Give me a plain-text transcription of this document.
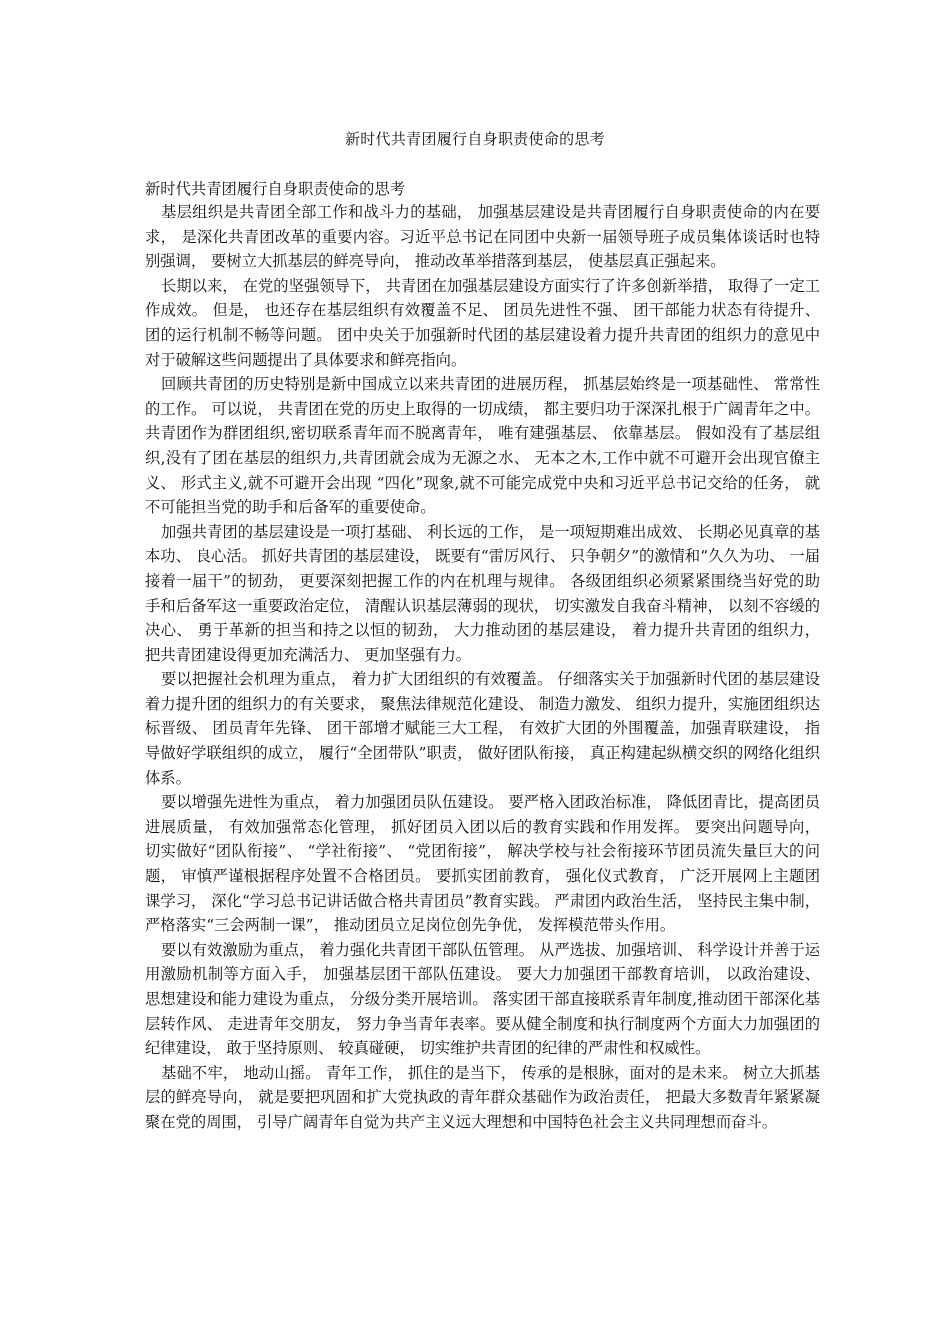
新时代共青团履行自身职责使命的思考

新时代共青团履行自身职责使命的思考

基层组织是共青团全部工作和战斗力的基础， 加强基层建设是共青团履行自身职责使命的内在要求， 是深化共青团改革的重要内容。习近平总书记在同团中央新一届领导班子成员集体谈话时也特别强调， 要树立大抓基层的鲜亮导向， 推动改革举措落到基层， 使基层真正强起来。

长期以来， 在党的坚强领导下， 共青团在加强基层建设方面实行了许多创新举措， 取得了一定工作成效。 但是， 也还存在基层组织有效覆盖不足、 团员先进性不强、 团干部能力状态有待提升、 团的运行机制不畅等问题。 团中央关于加强新时代团的基层建设着力提升共青团的组织力的意见中对于破解这些问题提出了具体要求和鲜亮指向。

回顾共青团的历史特别是新中国成立以来共青团的进展历程， 抓基层始终是一项基础性、 常常性的工作。 可以说， 共青团在党的历史上取得的一切成绩， 都主要归功于深深扎根于广阔青年之中。 共青团作为群团组织,密切联系青年而不脱离青年， 唯有建强基层、 依靠基层。 假如没有了基层组织,没有了团在基层的组织力,共青团就会成为无源之水、 无本之木,工作中就不可避开会出现官僚主义、 形式主义,就不可避开会出现 “四化”现象,就不可能完成党中央和习近平总书记交给的任务， 就不可能担当党的助手和后备军的重要使命。

加强共青团的基层建设是一项打基础、 利长远的工作， 是一项短期难出成效、 长期必见真章的基本功、 良心活。 抓好共青团的基层建设， 既要有“雷厉风行、 只争朝夕”的激情和“久久为功、 一届接着一届干”的韧劲， 更要深刻把握工作的内在机理与规律。 各级团组织必须紧紧围绕当好党的助手和后备军这一重要政治定位， 清醒认识基层薄弱的现状， 切实激发自我奋斗精神， 以刻不容缓的决心、 勇于革新的担当和持之以恒的韧劲， 大力推动团的基层建设， 着力提升共青团的组织力， 把共青团建设得更加充满活力、 更加坚强有力。

要以把握社会机理为重点， 着力扩大团组织的有效覆盖。 仔细落实关于加强新时代团的基层建设着力提升团的组织力的有关要求， 聚焦法律规范化建设、 制造力激发、 组织力提升，实施团组织达标晋级、 团员青年先锋、 团干部增才赋能三大工程， 有效扩大团的外围覆盖，加强青联建设， 指导做好学联组织的成立， 履行“全团带队”职责， 做好团队衔接， 真正构建起纵横交织的网络化组织体系。

要以增强先进性为重点， 着力加强团员队伍建设。 要严格入团政治标准， 降低团青比，提高团员进展质量， 有效加强常态化管理， 抓好团员入团以后的教育实践和作用发挥。 要突出问题导向， 切实做好“团队衔接”、 “学社衔接”、 “党团衔接”， 解决学校与社会衔接环节团员流失量巨大的问题， 审慎严谨根据程序处置不合格团员。 要抓实团前教育， 强化仪式教育， 广泛开展网上主题团课学习， 深化“学习总书记讲话做合格共青团员”教育实践。 严肃团内政治生活， 坚持民主集中制， 严格落实“三会两制一课”， 推动团员立足岗位创先争优， 发挥模范带头作用。

要以有效激励为重点， 着力强化共青团干部队伍管理。 从严选拔、加强培训、 科学设计并善于运用激励机制等方面入手， 加强基层团干部队伍建设。 要大力加强团干部教育培训， 以政治建设、 思想建设和能力建设为重点， 分级分类开展培训。 落实团干部直接联系青年制度,推动团干部深化基层转作风、 走进青年交朋友， 努力争当青年表率。要从健全制度和执行制度两个方面大力加强团的纪律建设， 敢于坚持原则、 较真碰硬， 切实维护共青团的纪律的严肃性和权威性。

基础不牢， 地动山摇。 青年工作， 抓住的是当下， 传承的是根脉，面对的是未来。 树立大抓基层的鲜亮导向， 就是要把巩固和扩大党执政的青年群众基础作为政治责任， 把最大多数青年紧紧凝聚在党的周围， 引导广阔青年自觉为共产主义远大理想和中国特色社会主义共同理想而奋斗。
